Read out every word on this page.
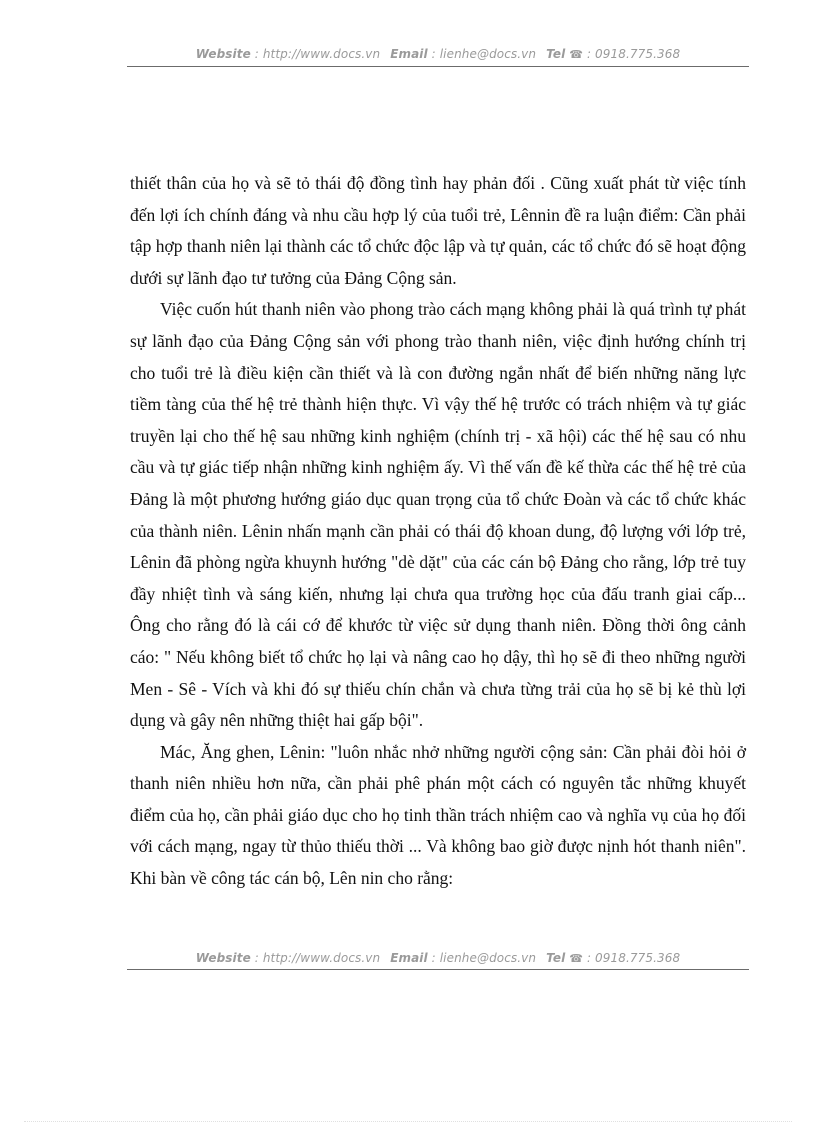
Website : http://www.docs.vn Email : lienhe@docs.vn Tel ☎ : 0918.775.368

thiết thân của họ và sẽ tỏ thái độ đồng tình hay phản đối . Cũng xuất phát từ việc tính đến lợi ích chính đáng và nhu cầu hợp lý của tuổi trẻ, Lênnin đề ra luận điểm: Cần phải tập hợp thanh niên lại thành các tổ chức độc lập và tự quản, các tổ chức đó sẽ hoạt động dưới sự lãnh đạo tư tưởng của Đảng Cộng sản.

Việc cuốn hút thanh niên vào phong trào cách mạng không phải là quá trình tự phát sự lãnh đạo của Đảng Cộng sản với phong trào thanh niên, việc định hướng chính trị cho tuổi trẻ là điều kiện cần thiết và là con đường ngắn nhất để biến những năng lực tiềm tàng của thế hệ trẻ thành hiện thực. Vì vậy thế hệ trước có trách nhiệm và tự giác truyền lại cho thế hệ sau những kinh nghiệm (chính trị - xã hội) các thế hệ sau có nhu cầu và tự giác tiếp nhận những kinh nghiệm ấy. Vì thế vấn đề kế thừa các thế hệ trẻ của Đảng là một phương hướng giáo dục quan trọng của tổ chức Đoàn và các tổ chức khác của thành niên. Lênin nhấn mạnh cần phải có thái độ khoan dung, độ lượng với lớp trẻ, Lênin đã phòng ngừa khuynh hướng "dè dặt" của các cán bộ Đảng cho rằng, lớp trẻ tuy đầy nhiệt tình và sáng kiến, nhưng lại chưa qua trường học của đấu tranh giai cấp... Ông cho rằng đó là cái cớ để khước từ việc sử dụng thanh niên. Đồng thời ông cảnh cáo: " Nếu không biết tổ chức họ lại và nâng cao họ dậy, thì họ sẽ đi theo những người Men - Sê - Vích và khi đó sự thiếu chín chắn và chưa từng trải của họ sẽ bị kẻ thù lợi dụng và gây nên những thiệt hai gấp bội".

Mác, Ăng ghen, Lênin: "luôn nhắc nhở những người cộng sản: Cần phải đòi hỏi ở thanh niên nhiều hơn nữa, cần phải phê phán một cách có nguyên tắc những khuyết điểm của họ, cần phải giáo dục cho họ tinh thần trách nhiệm cao và nghĩa vụ của họ đối với cách mạng, ngay từ thủo thiếu thời ... Và không bao giờ được nịnh hót thanh niên". Khi bàn về công tác cán bộ, Lên nin cho rằng:

Website : http://www.docs.vn Email : lienhe@docs.vn Tel ☎ : 0918.775.368
